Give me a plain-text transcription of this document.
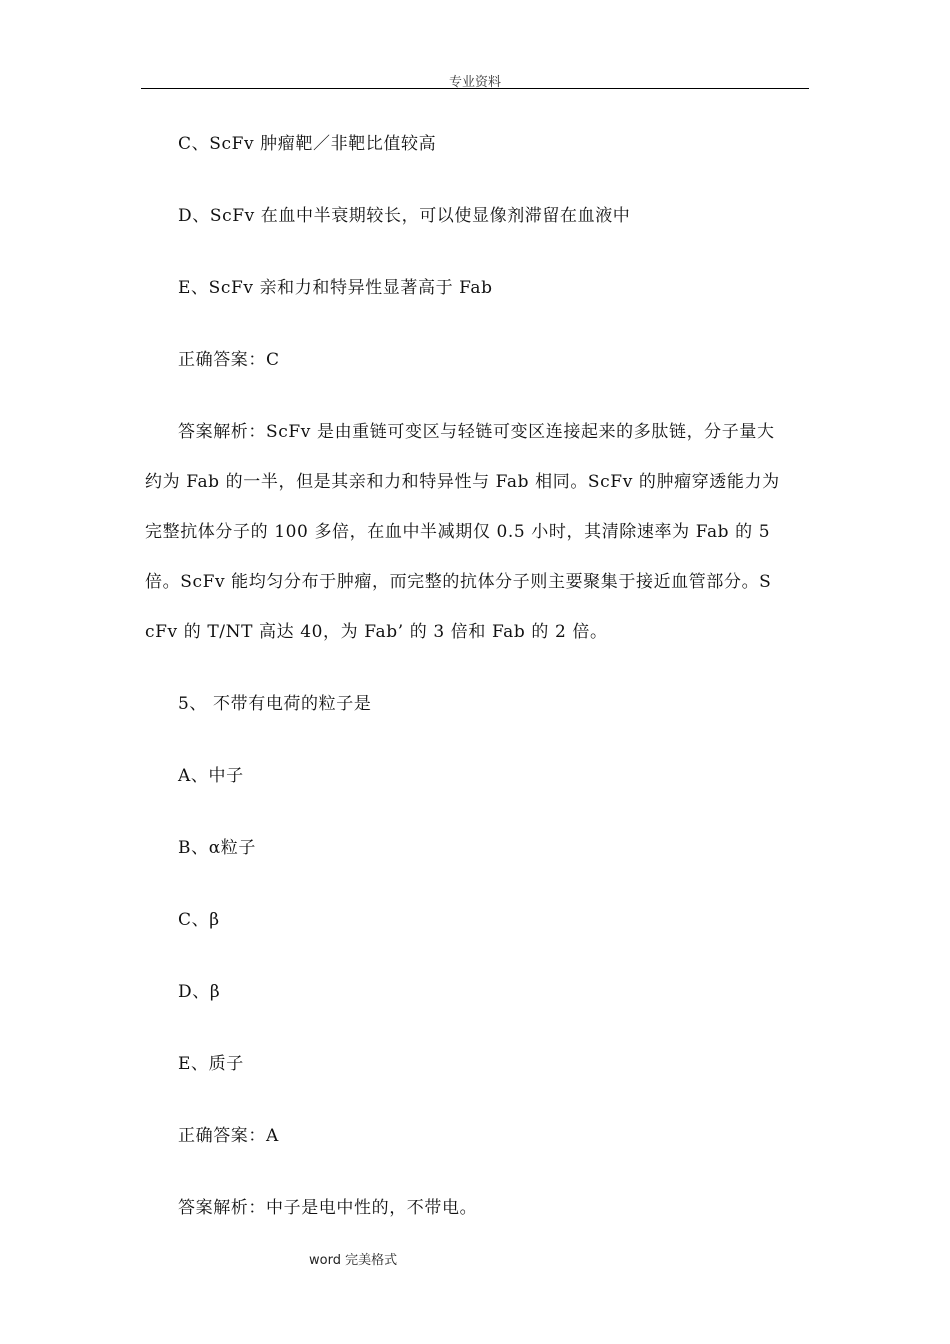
专业资料
C、ScFv 肿瘤靶／非靶比值较高
D、ScFv 在血中半衰期较长，可以使显像剂滞留在血液中
E、ScFv 亲和力和特异性显著高于 Fab
正确答案：C
答案解析：ScFv 是由重链可变区与轻链可变区连接起来的多肽链，分子量大
约为 Fab 的一半，但是其亲和力和特异性与 Fab 相同。ScFv 的肿瘤穿透能力为
完整抗体分子的 100 多倍，在血中半减期仅 0.5 小时，其清除速率为 Fab 的 5
倍。ScFv 能均匀分布于肿瘤，而完整的抗体分子则主要聚集于接近血管部分。S
cFv 的 T/NT 高达 40，为 Fab’ 的 3 倍和 Fab 的 2 倍。
5、 不带有电荷的粒子是
A、中子
B、α粒子
C、β
D、β
E、质子
正确答案：A
答案解析：中子是电中性的，不带电。
word 完美格式
